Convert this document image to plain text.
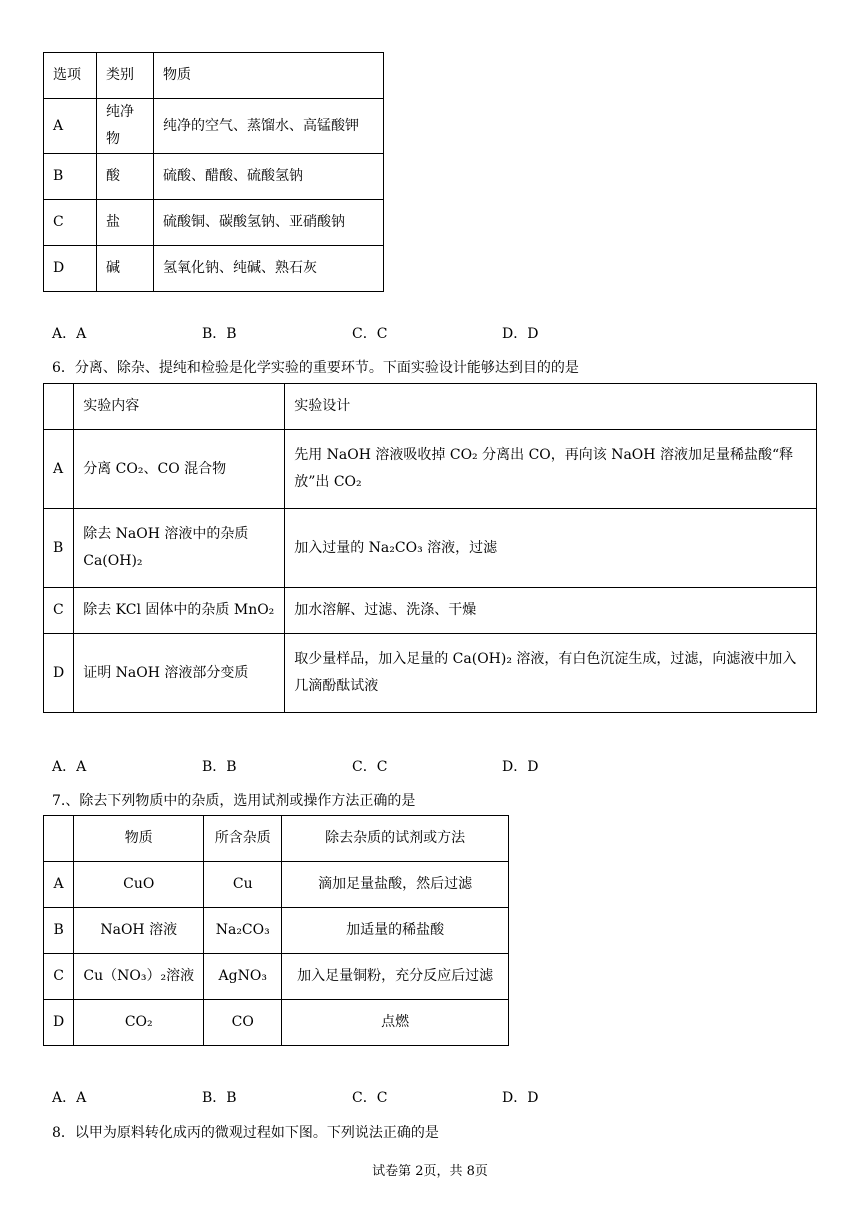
选项	类别	物质
A	纯净物	纯净的空气、蒸馏水、高锰酸钾
B	酸	硫酸、醋酸、硫酸氢钠
C	盐	硫酸铜、碳酸氢钠、亚硝酸钠
D	碱	氢氧化钠、纯碱、熟石灰
A．A	B．B	C．C	D．D
6．分离、除杂、提纯和检验是化学实验的重要环节。下面实验设计能够达到目的的是
	实验内容	实验设计
A	分离 CO₂、CO 混合物	先用 NaOH 溶液吸收掉 CO₂ 分离出 CO，再向该 NaOH 溶液加足量稀盐酸“释放”出 CO₂
B	除去 NaOH 溶液中的杂质 Ca(OH)₂	加入过量的 Na₂CO₃ 溶液，过滤
C	除去 KCl 固体中的杂质 MnO₂	加水溶解、过滤、洗涤、干燥
D	证明 NaOH 溶液部分变质	取少量样品，加入足量的 Ca(OH)₂ 溶液，有白色沉淀生成，过滤，向滤液中加入几滴酚酞试液
A．A	B．B	C．C	D．D
7.、除去下列物质中的杂质，选用试剂或操作方法正确的是
	物质	所含杂质	除去杂质的试剂或方法
A	CuO	Cu	滴加足量盐酸，然后过滤
B	NaOH 溶液	Na₂CO₃	加适量的稀盐酸
C	Cu（NO₃）₂溶液	AgNO₃	加入足量铜粉，充分反应后过滤
D	CO₂	CO	点燃
A．A	B．B	C．C	D．D
8．以甲为原料转化成丙的微观过程如下图。下列说法正确的是
试卷第 2页，共 8页
